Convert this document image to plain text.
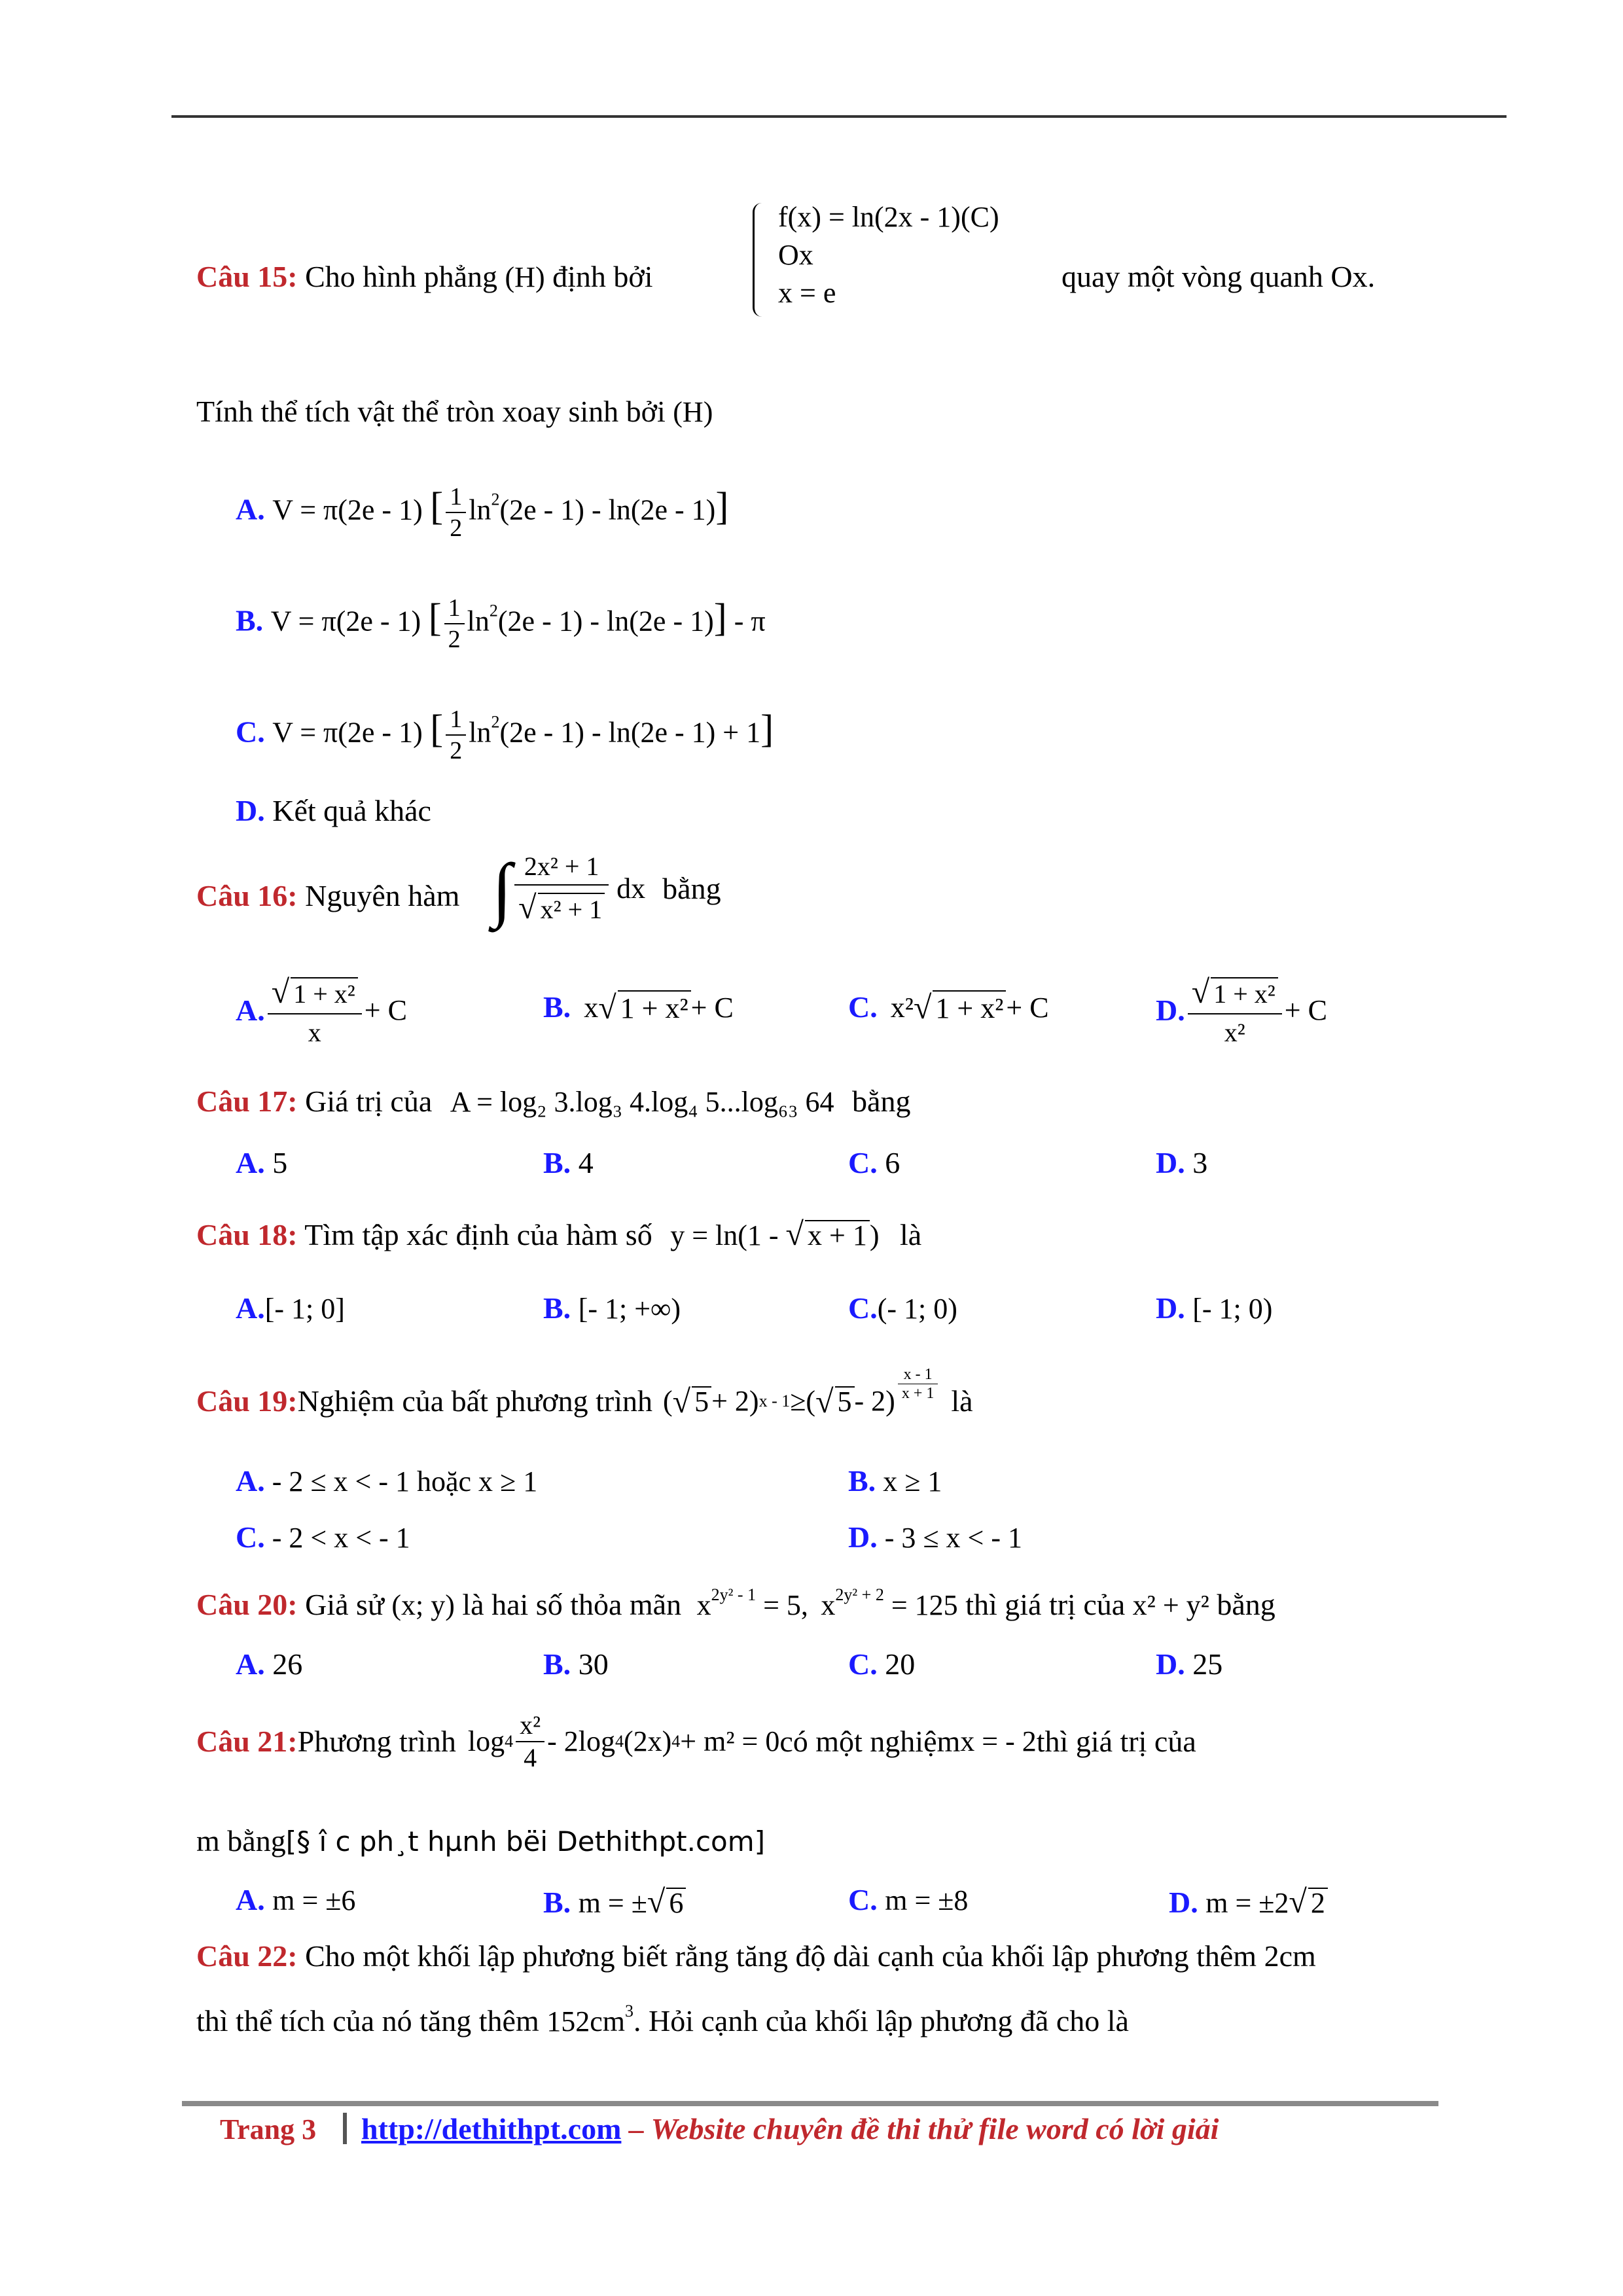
Câu 15: Cho hình phẳng (H) định bởi
f(x) = ln(2x - 1)(C)
Ox
x = e	quay một vòng quanh Ox.
Tính thể tích vật thể tròn xoay sinh bởi (H)
A. V = π(2e - 1) [ $\frac{1}{2} \ln^2(2e - 1) - \ln(2e - 1)$]
B. V = π(2e - 1) [ $\frac{1}{2} \ln^2(2e - 1) - \ln(2e - 1)$] - π
C. V = π(2e - 1) [ $\frac{1}{2} \ln^2(2e - 1) - \ln(2e - 1) + 1$]
D. Kết quả khác
Câu 16: Nguyên hàm ∫ $\frac{\text{2x² + 1}}{\text{√ x² + 1}}$ dx bằng
A. $\frac{\text{√ 1 + x²}}{x} + C$	B. x √ 1 + x² + C	C. x² √ 1 + x² + C	D. $\frac{\text{√ 1 + x²}}{\text{x²}} + C$
Câu 17: Giá trị của A = log₂ 3.log₃ 4.log₄ 5...log₆₃ 64 bằng
A. 5	B. 4	C. 6	D. 3
Câu 18: Tìm tập xác định của hàm số y = ln(1 - √ x + 1) là
A.[- 1; 0]	B. [- 1; +∞)	C.(- 1; 0)	D. [- 1; 0)
Câu 19: Nghiệm của bất phương trình ( √ 5 + 2) x - 1 ≥ ( √ $5 - 2) \frac{x - 1}{x + 1}$ là
A. - 2 ≤ x < - 1 hoặc x ≥ 1	B. x ≥ 1
C. - 2 < x < - 1	D. - 3 ≤ x < - 1
Câu 20: Giả sử (x; y) là hai số thỏa mãn $x^{2y^2 - 1} = 5$, $x^{2y^2 + 2} = 125$ thì giá trị của x² + y² bằng
A. 26	B. 30	C. 20	D. 25
Câu 21: Phương trình $\log 4 \frac{\text{x²}}{4} - 2\log$ 4 (2x) 4 + m² = 0 có một nghiệm x = - 2 thì giá trị của
m bằng[§ î c ph¸t hµnh bëi Dethithpt.com]
A. m = ±6	B. m = ±√ 6	C. m = ±8	D. m = ±2√ 2
Câu 22: Cho một khối lập phương biết rằng tăng độ dài cạnh của khối lập phương thêm 2cm
thì thể tích của nó tăng thêm $152cm^3$. Hỏi cạnh của khối lập phương đã cho là
Trang 3 http://dethithpt.com – Website chuyên đề thi thử file word có lời giải
